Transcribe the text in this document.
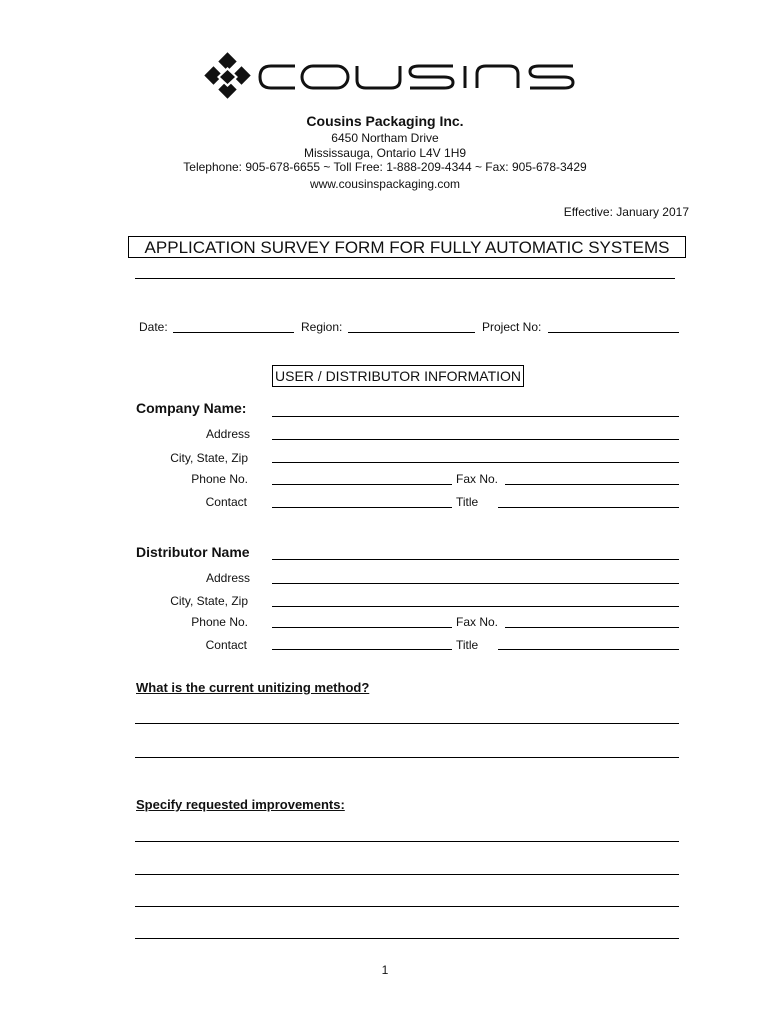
Cousins Packaging Inc.
6450 Northam Drive
Mississauga, Ontario L4V 1H9
Telephone: 905-678-6655 ~ Toll Free: 1-888-209-4344 ~ Fax: 905-678-3429
www.cousinspackaging.com
Effective: January 2017
APPLICATION SURVEY FORM FOR FULLY AUTOMATIC SYSTEMS
Date:	Region:	Project No:
USER / DISTRIBUTOR INFORMATION
Company Name:
Address
City, State, Zip
Phone No.	Fax No.
Contact	Title
Distributor Name
Address
City, State, Zip
Phone No.	Fax No.
Contact	Title
What is the current unitizing method?
Specify requested improvements:
1
